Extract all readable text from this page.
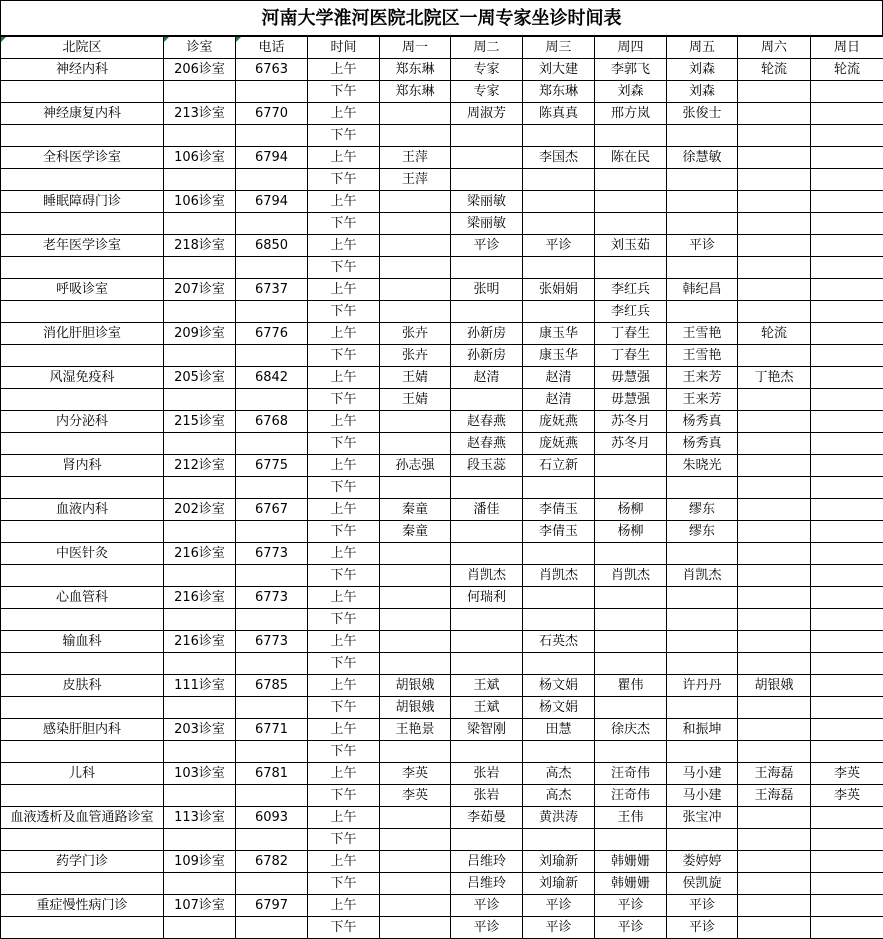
河南大学淮河医院北院区一周专家坐诊时间表
北院区	诊室	电话	时间	周一	周二	周三	周四	周五	周六	周日
神经内科	206诊室	6763	上午	郑东琳	专家	刘大建	李郭飞	刘森	轮流	轮流
			下午	郑东琳	专家	郑东琳	刘森	刘森		
神经康复内科	213诊室	6770	上午		周淑芳	陈真真	邢方岚	张俊士		
			下午							
全科医学诊室	106诊室	6794	上午	王萍		李国杰	陈在民	徐慧敏		
			下午	王萍						
睡眠障碍门诊	106诊室	6794	上午		梁丽敏					
			下午		梁丽敏					
老年医学诊室	218诊室	6850	上午		平诊	平诊	刘玉茹	平诊		
			下午							
呼吸诊室	207诊室	6737	上午		张明	张娟娟	李红兵	韩纪昌		
			下午				李红兵			
消化肝胆诊室	209诊室	6776	上午	张卉	孙新房	康玉华	丁春生	王雪艳	轮流	
			下午	张卉	孙新房	康玉华	丁春生	王雪艳		
风湿免疫科	205诊室	6842	上午	王婧	赵清	赵清	毋慧强	王来芳	丁艳杰	
			下午	王婧		赵清	毋慧强	王来芳		
内分泌科	215诊室	6768	上午		赵春燕	庞妩燕	苏冬月	杨秀真		
			下午		赵春燕	庞妩燕	苏冬月	杨秀真		
肾内科	212诊室	6775	上午	孙志强	段玉蕊	石立新		朱晓光		
			下午							
血液内科	202诊室	6767	上午	秦童	潘佳	李倩玉	杨柳	缪东		
			下午	秦童		李倩玉	杨柳	缪东		
中医针灸	216诊室	6773	上午							
			下午		肖凯杰	肖凯杰	肖凯杰	肖凯杰		
心血管科	216诊室	6773	上午		何瑞利					
			下午							
输血科	216诊室	6773	上午			石英杰				
			下午							
皮肤科	111诊室	6785	上午	胡银娥	王斌	杨文娟	瞿伟	许丹丹	胡银娥	
			下午	胡银娥	王斌	杨文娟				
感染肝胆内科	203诊室	6771	上午	王艳景	梁智刚	田慧	徐庆杰	和振坤		
			下午							
儿科	103诊室	6781	上午	李英	张岩	高杰	汪奇伟	马小建	王海磊	李英
			下午	李英	张岩	高杰	汪奇伟	马小建	王海磊	李英
血液透析及血管通路诊室	113诊室	6093	上午		李茹曼	黄洪涛	王伟	张宝冲		
			下午							
药学门诊	109诊室	6782	上午		吕维玲	刘瑜新	韩姗姗	娄婷婷		
			下午		吕维玲	刘瑜新	韩姗姗	侯凯旋		
重症慢性病门诊	107诊室	6797	上午		平诊	平诊	平诊	平诊		
			下午		平诊	平诊	平诊	平诊		
